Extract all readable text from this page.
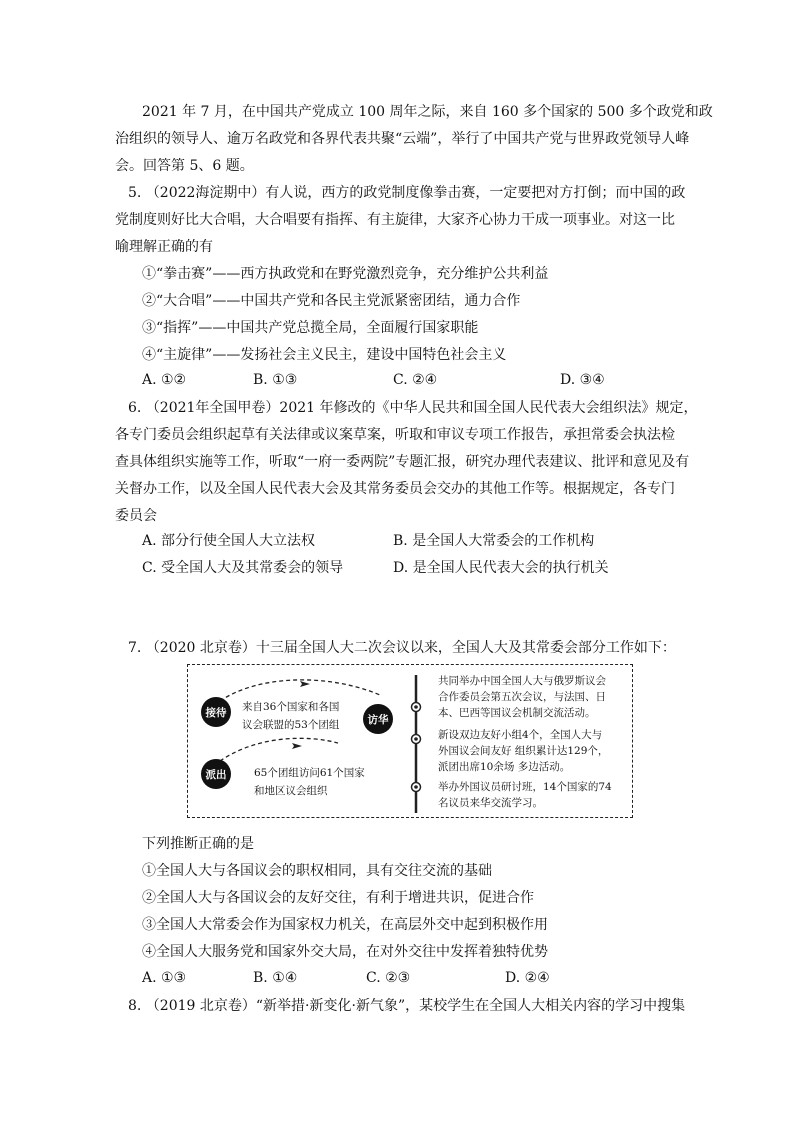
2021 年 7 月，在中国共产党成立 100 周年之际，来自 160 多个国家的 500 多个政党和政
治组织的领导人、逾万名政党和各界代表共聚“云端”，举行了中国共产党与世界政党领导人峰
会。回答第 5、6 题。
5. （2022海淀期中）有人说，西方的政党制度像拳击赛，一定要把对方打倒；而中国的政
党制度则好比大合唱，大合唱要有指挥、有主旋律，大家齐心协力干成一项事业。对这一比
喻理解正确的有
①“拳击赛”——西方执政党和在野党激烈竞争，充分维护公共利益
②“大合唱”——中国共产党和各民主党派紧密团结，通力合作
③“指挥”——中国共产党总揽全局，全面履行国家职能
④“主旋律”——发扬社会主义民主，建设中国特色社会主义
A. ①②	B. ①③	C. ②④	D. ③④
6. （2021年全国甲卷）2021 年修改的《中华人民共和国全国人民代表大会组织法》规定，
各专门委员会组织起草有关法律或议案草案，听取和审议专项工作报告，承担常委会执法检
查具体组织实施等工作，听取“一府一委两院”专题汇报，研究办理代表建议、批评和意见及有
关督办工作，以及全国人民代表大会及其常务委员会交办的其他工作等。根据规定，各专门
委员会
A. 部分行使全国人大立法权	B. 是全国人大常委会的工作机构
C. 受全国人大及其常委会的领导	D. 是全国人民代表大会的执行机关
7. （2020 北京卷）十三届全国人大二次会议以来，全国人大及其常委会部分工作如下：
接待
访华
派出
来自36个国家和各国
议会联盟的53个团组
65个团组访问61个国家
和地区议会组织
共同举办中国全国人大与俄罗斯议会
合作委员会第五次会议，与法国、日
本、巴西等国议会机制交流活动。
新设双边友好小组4个，全国人大与
外国议会间友好 组织累计达129个，
派团出席10余场 多边活动。
举办外国议员研讨班，14个国家的74
名议员来华交流学习。
下列推断正确的是
①全国人大与各国议会的职权相同，具有交往交流的基础
②全国人大与各国议会的友好交往，有利于增进共识，促进合作
③全国人大常委会作为国家权力机关，在高层外交中起到积极作用
④全国人大服务党和国家外交大局，在对外交往中发挥着独特优势
A. ①③	B. ①④	C. ②③	D. ②④
8. （2019 北京卷）“新举措·新变化·新气象”，某校学生在全国人大相关内容的学习中搜集
